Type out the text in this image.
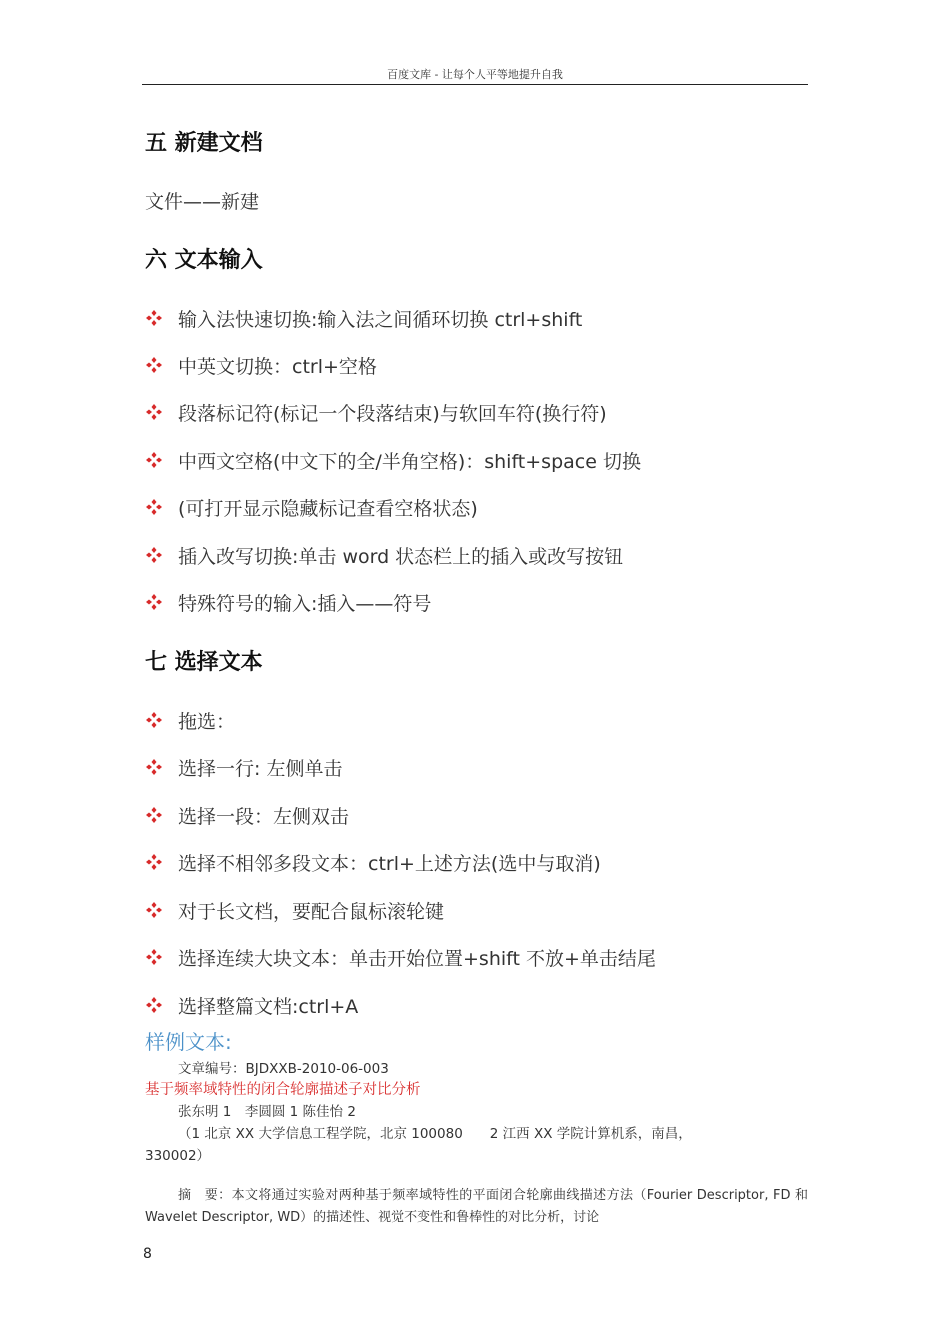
百度文库 - 让每个人平等地提升自我
五 新建文档
文件——新建
六 文本输入
输入法快速切换:输入法之间循环切换 ctrl+shift
中英文切换：ctrl+空格
段落标记符(标记一个段落结束)与软回车符(换行符)
中西文空格(中文下的全/半角空格)：shift+space 切换
(可打开显示隐藏标记查看空格状态)
插入改写切换:单击 word 状态栏上的插入或改写按钮
特殊符号的输入:插入——符号
七 选择文本
拖选：
选择一行: 左侧单击
选择一段：左侧双击
选择不相邻多段文本：ctrl+上述方法(选中与取消)
对于长文档，要配合鼠标滚轮键
选择连续大块文本：单击开始位置+shift 不放+单击结尾
选择整篇文档:ctrl+A
样例文本:
文章编号：BJDXXB-2010-06-003
基于频率域特性的闭合轮廓描述子对比分析
张东明 1　李圆圆 1 陈佳怡 2
（1 北京 XX 大学信息工程学院，北京 100080　　2 江西 XX 学院计算机系，南昌，
330002）
摘　要：本文将通过实验对两种基于频率域特性的平面闭合轮廓曲线描述方法（Fourier Descriptor, FD 和 Wavelet Descriptor, WD）的描述性、视觉不变性和鲁棒性的对比分析，讨论
8
